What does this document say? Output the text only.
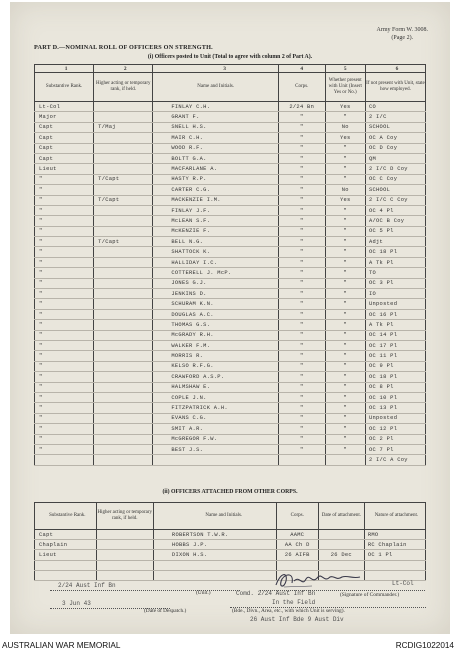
Army Form W. 3008.
(Page 2).
PART D.—NOMINAL ROLL OF OFFICERS ON STRENGTH.
(i) Officers posted to Unit (Total to agree with column 2 of Part A).
1	2	3	4	5	6
Substantive Rank.	Higher acting or temporary rank, if held.	Name and Initials.	Corps.	Whether present with Unit (Insert Yes or No.)	If not present with Unit, state how employed.
Lt-Col		FINLAY C.H.	2/24 Bn	Yes	CO
Major		GRANT F.	"	"	2 I/C
Capt	T/Maj	SNELL H.S.	"	No	SCHOOL
Capt		MAIR C.H.	"	Yes	OC A Coy
Capt		WOOD R.F.	"	"	OC D Coy
Capt		BOLTT G.A.	"	"	QM
Lieut		MACFARLANE A.	"	"	2 I/C D Coy
"	T/Capt	HASTY R.P.	"	"	OC C Coy
"		CARTER C.G.	"	No	SCHOOL
"	T/Capt	MACKENZIE I.M.	"	Yes	2 I/C C Coy
"		FINLAY J.F.	"	"	OC 4 Pl
"		McLEAN S.F.	"	"	A/OC B Coy
"		McKENZIE F.	"	"	OC 5 Pl
"	T/Capt	BELL N.G.	"	"	Adjt
"		SHATTOCK K.	"	"	OC 18 Pl
"		HALLIDAY I.C.	"	"	A Tk Pl
"		COTTERELL J. McP.	"	"	TO
"		JONES G.J.	"	"	OC 3 Pl
"		JENKINS D.	"	"	IO
"		SCHURAM K.N.	"	"	Unposted
"		DOUGLAS A.C.	"	"	OC 16 Pl
"		THOMAS G.S.	"	"	A Tk Pl
"		McGRADY R.H.	"	"	OC 14 Pl
"		WALKER F.M.	"	"	OC 17 Pl
"		MORRIS R.	"	"	OC 11 Pl
"		KELSO R.F.G.	"	"	OC 9 Pl
"		CRAWFORD A.S.P.	"	"	OC 18 Pl
"		HALMSHAW E.	"	"	OC 8 Pl
"		COPLE J.N.	"	"	OC 10 Pl
"		FITZPATRICK A.H.	"	"	OC 13 Pl
"		EVANS C.G.	"	"	Unposted
"		SMIT A.R.	"	"	OC 12 Pl
"		McGREGOR F.W.	"	"	OC 2 Pl
"		BEST J.S.	"	"	OC 7 Pl
					2 I/C A Coy
(ii) OFFICERS ATTACHED FROM OTHER CORPS.
Substantive Rank.	Higher acting or temporary rank, if held.	Name and Initials.	Corps.	Date of attachment.	Nature of attachment.
Capt		ROBERTSON T.W.R.	AAMC		RMO
Chaplain		HOBBS J.P.	AA Ch D		RC Chaplain
Lieut		DIXON H.S.	26 AIFB	26 Dec	OC 1 Pl

2/24 Aust Inf Bn
(Unit.)
3 Jun 43
(Date of Despatch.)
Lt-Col
(Signature of Commander.)
Comd. 2/24 Aust Inf Bn
In the Field
(Bde., Divn., Area, etc., with which Unit is serving).
26 Aust Inf Bde 9 Aust Div
AUSTRALIAN WAR MEMORIAL	RCDIG1022014
